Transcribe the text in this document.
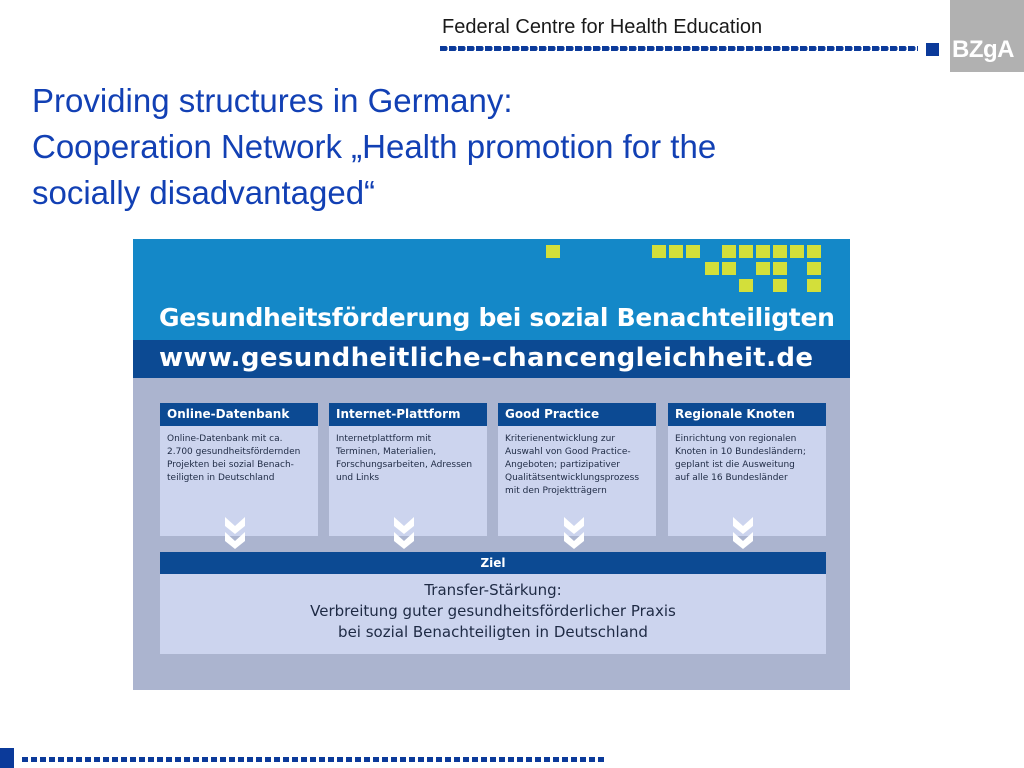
Federal Centre for Health Education
BZgA
Providing structures in Germany:
Cooperation Network „Health promotion for the
socially disadvantaged“
Gesundheitsförderung bei sozial Benachteiligten
www.gesundheitliche-chancengleichheit.de
Online-Datenbank
Online-Datenbank mit ca.
2.700 gesundheitsfördernden
Projekten bei sozial Benach-
teiligten in Deutschland
Internet-Plattform
Internetplattform mit
Terminen, Materialien,
Forschungsarbeiten, Adressen
und Links
Good Practice
Kriterienentwicklung zur
Auswahl von Good Practice-
Angeboten; partizipativer
Qualitätsentwicklungsprozess
mit den Projektträgern
Regionale Knoten
Einrichtung von regionalen
Knoten in 10 Bundesländern;
geplant ist die Ausweitung
auf alle 16 Bundesländer
Ziel
Transfer-Stärkung:
Verbreitung guter gesundheitsförderlicher Praxis
bei sozial Benachteiligten in Deutschland
